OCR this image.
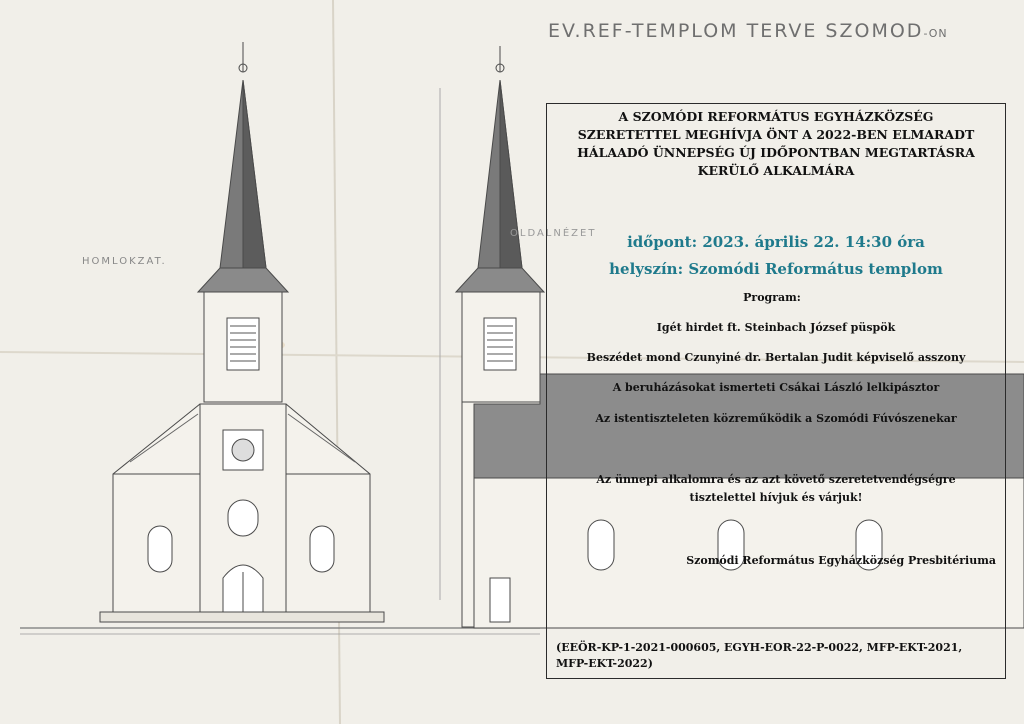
EV.REF-TEMPLOM TERVE SZOMOD-ON
HOMLOKZAT.
OLDALNÉZET
A SZOMÓDI REFORMÁTUS EGYHÁZKÖZSÉG
SZERETETTEL MEGHÍVJA ÖNT A 2022-BEN ELMARADT
HÁLAADÓ ÜNNEPSÉG ÚJ IDŐPONTBAN MEGTARTÁSRA
KERÜLŐ ALKALMÁRA
időpont: 2023. április 22. 14:30 óra
helyszín: Szomódi Református templom
Program:
Igét hirdet ft. Steinbach József püspök
Beszédet mond Czunyiné dr. Bertalan Judit képviselő asszony
A beruházásokat ismerteti Csákai László lelkipásztor
Az istentiszteleten közreműködik a Szomódi Fúvószenekar
Az ünnepi alkalomra és az azt követő szeretetvendégségre
tisztelettel hívjuk és várjuk!
Szomódi Református Egyházközség Presbitériuma
(EEÖR-KP-1-2021-000605, EGYH-EOR-22-P-0022, MFP-EKT-2021, MFP-EKT-2022)
